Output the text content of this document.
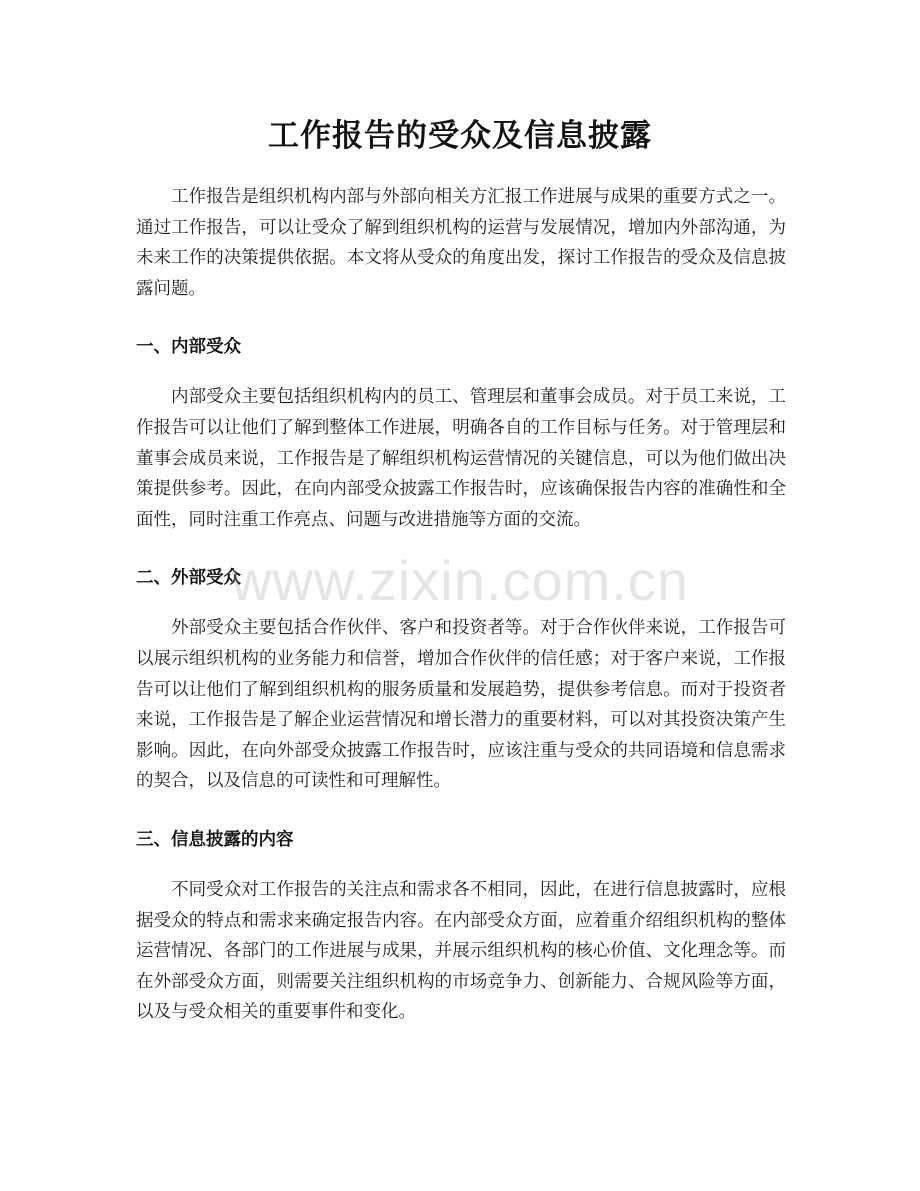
工作报告的受众及信息披露

工作报告是组织机构内部与外部向相关方汇报工作进展与成果的重要方式之一。通过工作报告，可以让受众了解到组织机构的运营与发展情况，增加内外部沟通，为未来工作的决策提供依据。本文将从受众的角度出发，探讨工作报告的受众及信息披露问题。

一、内部受众

内部受众主要包括组织机构内的员工、管理层和董事会成员。对于员工来说，工作报告可以让他们了解到整体工作进展，明确各自的工作目标与任务。对于管理层和董事会成员来说，工作报告是了解组织机构运营情况的关键信息，可以为他们做出决策提供参考。因此，在向内部受众披露工作报告时，应该确保报告内容的准确性和全面性，同时注重工作亮点、问题与改进措施等方面的交流。

二、外部受众

外部受众主要包括合作伙伴、客户和投资者等。对于合作伙伴来说，工作报告可以展示组织机构的业务能力和信誉，增加合作伙伴的信任感；对于客户来说，工作报告可以让他们了解到组织机构的服务质量和发展趋势，提供参考信息。而对于投资者来说，工作报告是了解企业运营情况和增长潜力的重要材料，可以对其投资决策产生影响。因此，在向外部受众披露工作报告时，应该注重与受众的共同语境和信息需求的契合，以及信息的可读性和可理解性。

三、信息披露的内容

不同受众对工作报告的关注点和需求各不相同，因此，在进行信息披露时，应根据受众的特点和需求来确定报告内容。在内部受众方面，应着重介绍组织机构的整体运营情况、各部门的工作进展与成果，并展示组织机构的核心价值、文化理念等。而在外部受众方面，则需要关注组织机构的市场竞争力、创新能力、合规风险等方面，以及与受众相关的重要事件和变化。

www.zixin.com.cn
